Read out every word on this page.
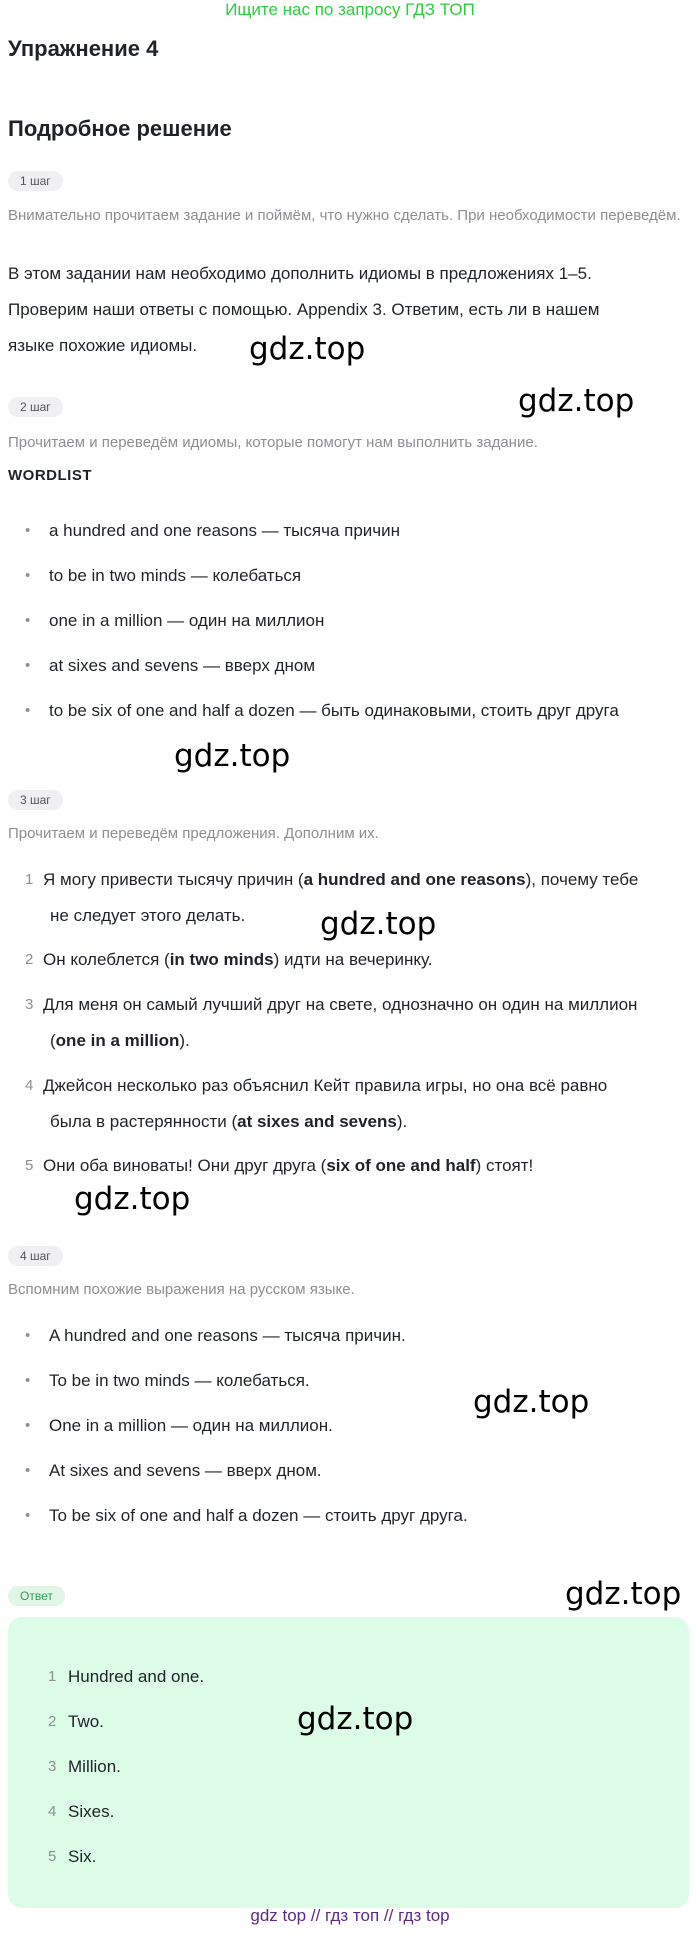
Ищите нас по запросу ГДЗ ТОП
Упражнение 4
Подробное решение
1 шаг
Внимательно прочитаем задание и поймём, что нужно сделать. При необходимости переведём.
В этом задании нам необходимо дополнить идиомы в предложениях 1–5.
Проверим наши ответы с помощью. Appendix 3. Ответим, есть ли в нашем
языке похожие идиомы.
2 шаг
Прочитаем и переведём идиомы, которые помогут нам выполнить задание.
WORDLIST
• a hundred and one reasons — тысяча причин
• to be in two minds — колебаться
• one in a million — один на миллион
• at sixes and sevens — вверх дном
• to be six of one and half a dozen — быть одинаковыми, стоить друг друга
3 шаг
Прочитаем и переведём предложения. Дополним их.
1 Я могу привести тысячу причин (a hundred and one reasons), почему тебе
не следует этого делать.
2 Он колеблется (in two minds) идти на вечеринку.
3 Для меня он самый лучший друг на свете, однозначно он один на миллион
(one in a million).
4 Джейсон несколько раз объяснил Кейт правила игры, но она всё равно
была в растерянности (at sixes and sevens).
5 Они оба виноваты! Они друг друга (six of one and half) стоят!
4 шаг
Вспомним похожие выражения на русском языке.
• A hundred and one reasons — тысяча причин.
• To be in two minds — колебаться.
• One in a million — один на миллион.
• At sixes and sevens — вверх дном.
• To be six of one and half a dozen — стоить друг друга.
Ответ
1 Hundred and one.
2 Two.
3 Million.
4 Sixes.
5 Six.
gdz.top
gdz.top
gdz.top
gdz.top
gdz.top
gdz.top
gdz.top
gdz.top
gdz top // гдз топ // гдз top
